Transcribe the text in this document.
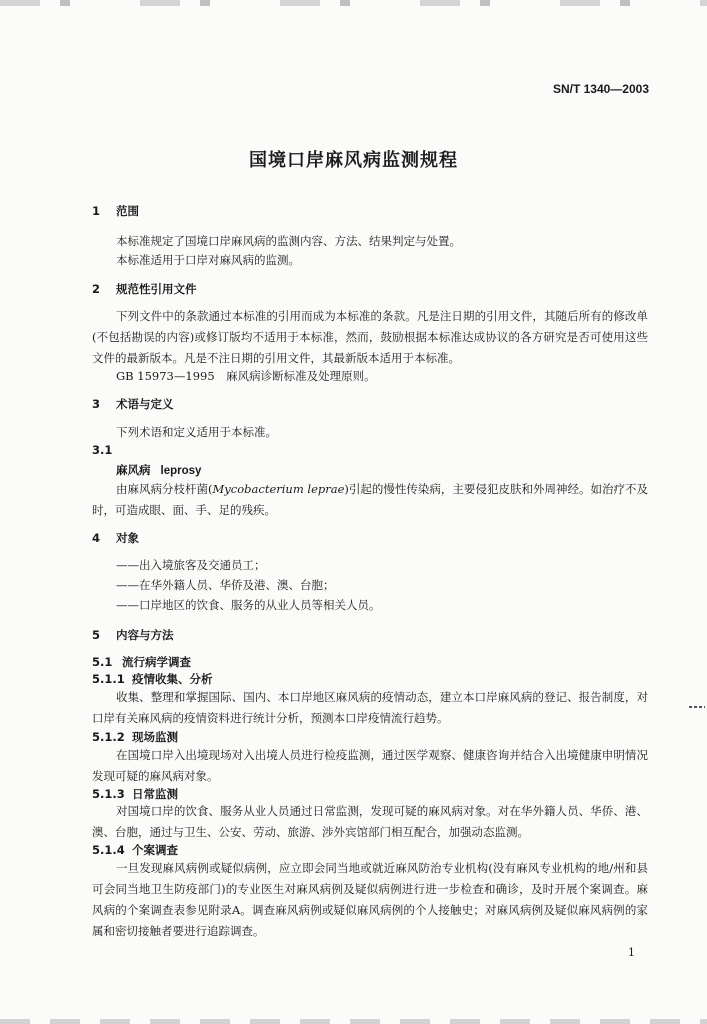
SN/T 1340—2003
国境口岸麻风病监测规程
1 范围
本标准规定了国境口岸麻风病的监测内容、方法、结果判定与处置。
本标准适用于口岸对麻风病的监测。
2 规范性引用文件
下列文件中的条款通过本标准的引用而成为本标准的条款。凡是注日期的引用文件，其随后所有的修改单(不包括勘误的内容)或修订版均不适用于本标准，然而，鼓励根据本标准达成协议的各方研究是否可使用这些文件的最新版本。凡是不注日期的引用文件，其最新版本适用于本标准。
GB 15973—1995　麻风病诊断标准及处理原则。
3 术语与定义
下列术语和定义适用于本标准。
3.1
麻风病 leprosy
由麻风病分枝杆菌(Mycobacterium leprae)引起的慢性传染病，主要侵犯皮肤和外周神经。如治疗不及时，可造成眼、面、手、足的残疾。
4 对象
——出入境旅客及交通员工；
——在华外籍人员、华侨及港、澳、台胞；
——口岸地区的饮食、服务的从业人员等相关人员。
5 内容与方法
5.1 流行病学调查
5.1.1 疫情收集、分析
收集、整理和掌握国际、国内、本口岸地区麻风病的疫情动态，建立本口岸麻风病的登记、报告制度，对口岸有关麻风病的疫情资料进行统计分析，预测本口岸疫情流行趋势。
5.1.2 现场监测
在国境口岸入出境现场对入出境人员进行检疫监测，通过医学观察、健康咨询并结合入出境健康申明情况发现可疑的麻风病对象。
5.1.3 日常监测
对国境口岸的饮食、服务从业人员通过日常监测，发现可疑的麻风病对象。对在华外籍人员、华侨、港、澳、台胞，通过与卫生、公安、劳动、旅游、涉外宾馆部门相互配合，加强动态监测。
5.1.4 个案调查
一旦发现麻风病例或疑似病例，应立即会同当地或就近麻风防治专业机构(没有麻风专业机构的地/州和县可会同当地卫生防疫部门)的专业医生对麻风病例及疑似病例进行进一步检查和确诊，及时开展个案调查。麻风病的个案调查表参见附录A。调查麻风病例或疑似麻风病例的个人接触史；对麻风病例及疑似麻风病例的家属和密切接触者要进行追踪调查。
1
